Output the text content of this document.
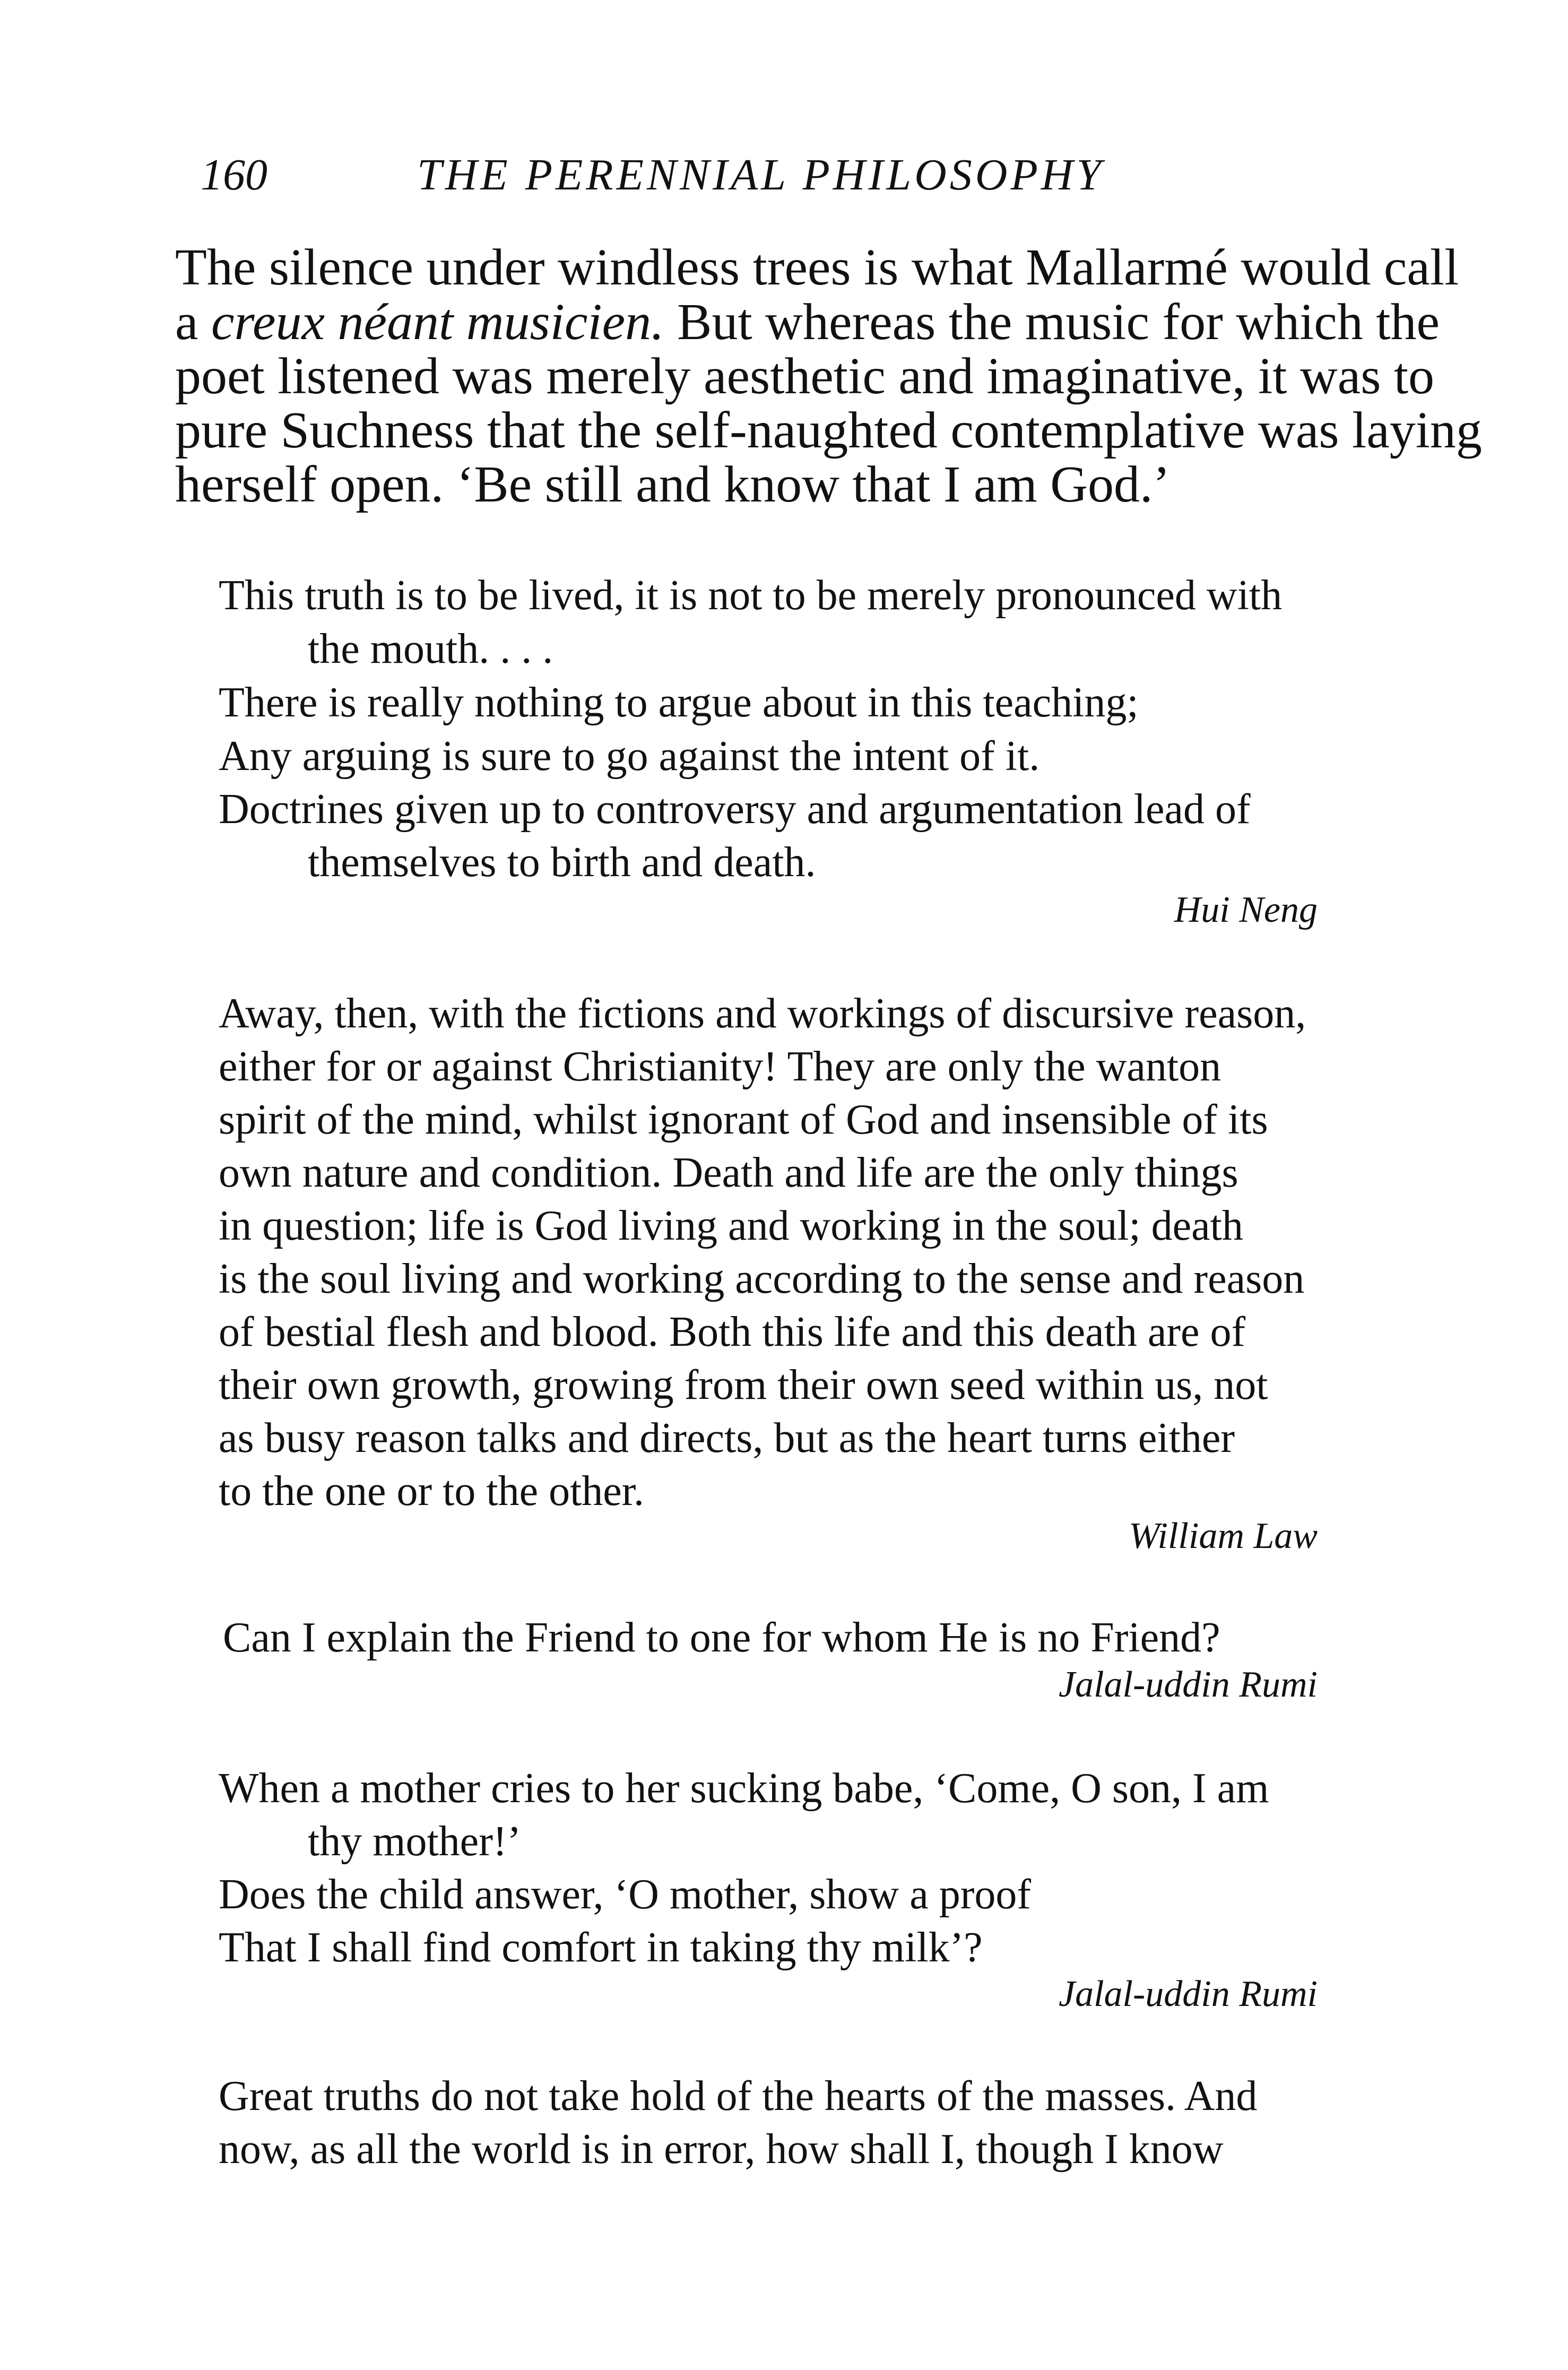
160	THE PERENNIAL PHILOSOPHY
The silence under windless trees is what Mallarmé would call
a creux néant musicien. But whereas the music for which the
poet listened was merely aesthetic and imaginative, it was to
pure Suchness that the self-naughted contemplative was laying
herself open. ‘Be still and know that I am God.’
This truth is to be lived, it is not to be merely pronounced with
the mouth. . . .
There is really nothing to argue about in this teaching;
Any arguing is sure to go against the intent of it.
Doctrines given up to controversy and argumentation lead of
themselves to birth and death.
Hui Neng
Away, then, with the fictions and workings of discursive reason,
either for or against Christianity! They are only the wanton
spirit of the mind, whilst ignorant of God and insensible of its
own nature and condition. Death and life are the only things
in question; life is God living and working in the soul; death
is the soul living and working according to the sense and reason
of bestial flesh and blood. Both this life and this death are of
their own growth, growing from their own seed within us, not
as busy reason talks and directs, but as the heart turns either
to the one or to the other.
William Law
Can I explain the Friend to one for whom He is no Friend?
Jalal-uddin Rumi
When a mother cries to her sucking babe, ‘Come, O son, I am
thy mother!’
Does the child answer, ‘O mother, show a proof
That I shall find comfort in taking thy milk’?
Jalal-uddin Rumi
Great truths do not take hold of the hearts of the masses. And
now, as all the world is in error, how shall I, though I know
